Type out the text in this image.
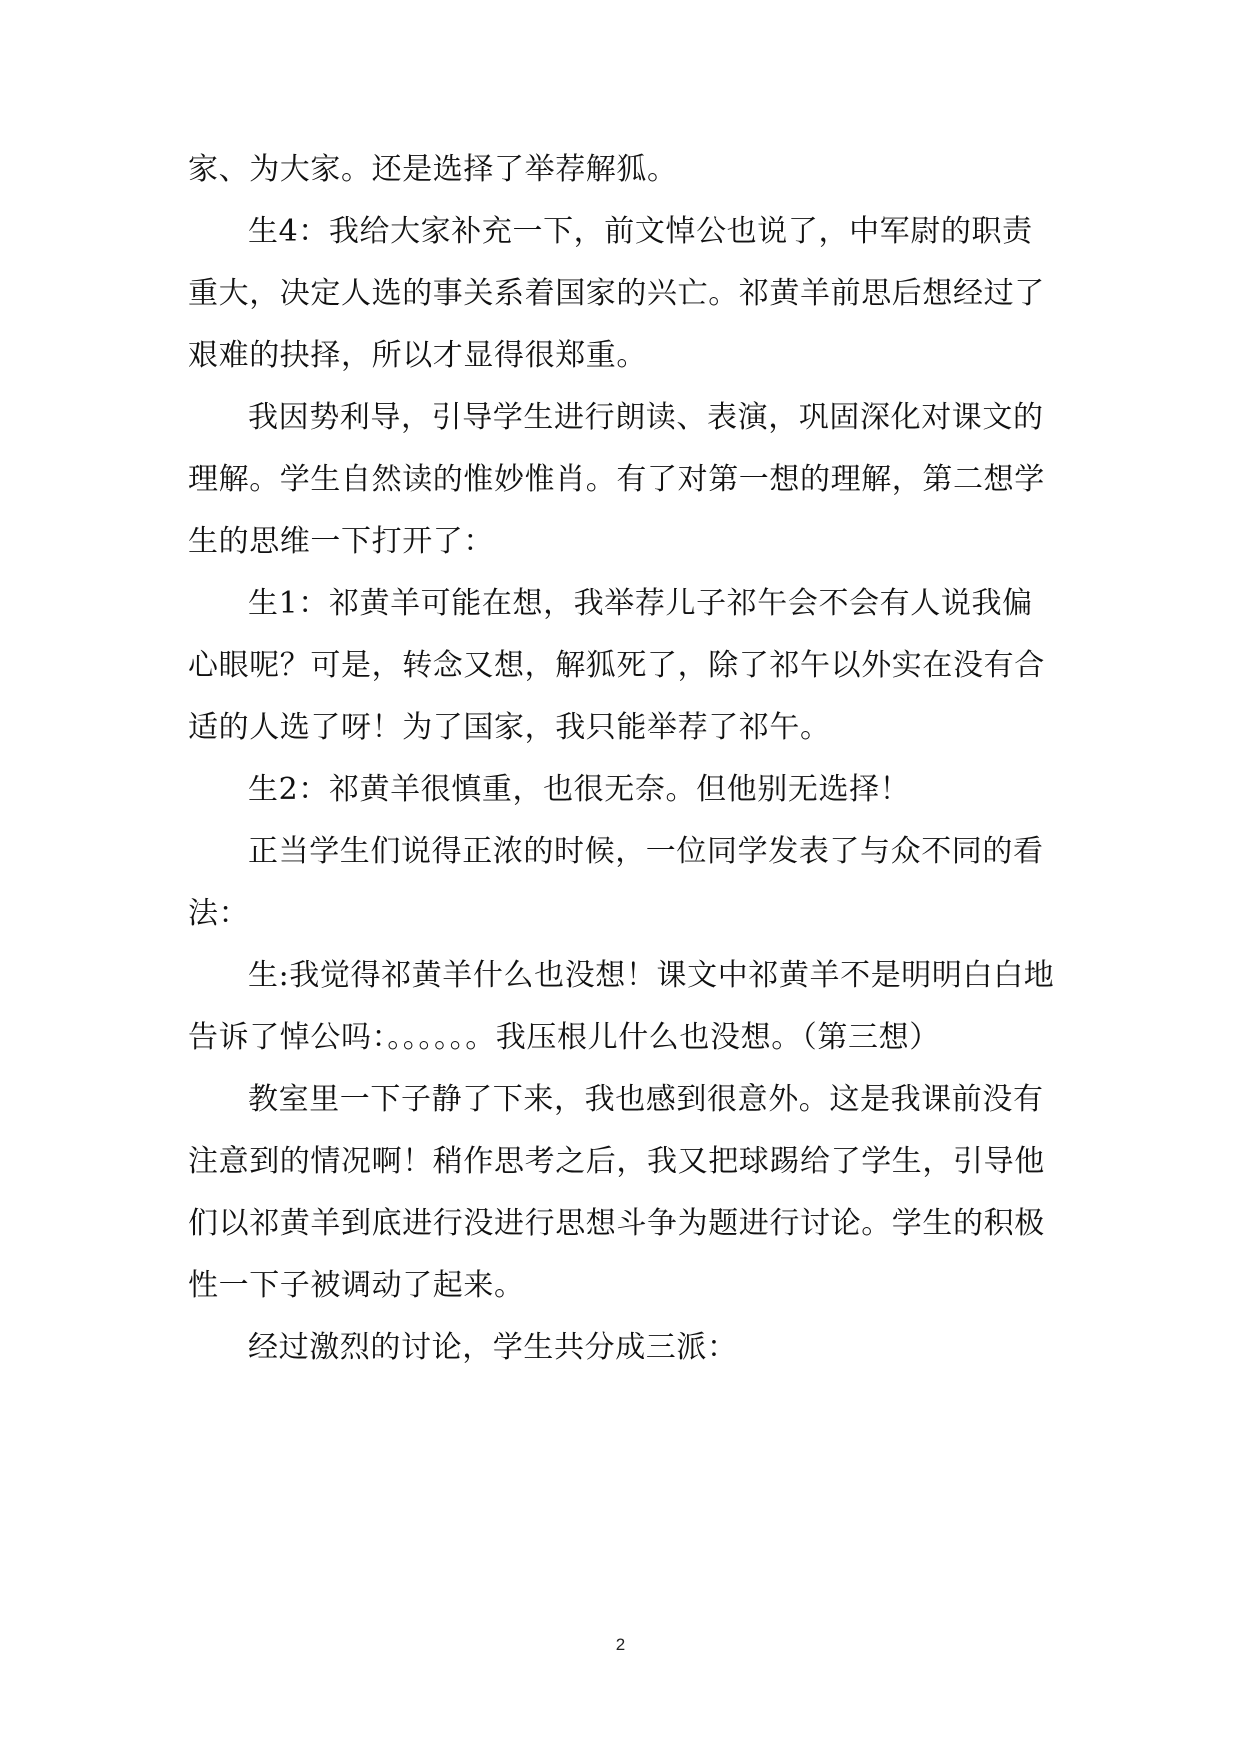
家、为大家。还是选择了举荐解狐。

生4：我给大家补充一下，前文悼公也说了，中军尉的职责重大，决定人选的事关系着国家的兴亡。祁黄羊前思后想经过了艰难的抉择，所以才显得很郑重。

我因势利导，引导学生进行朗读、表演，巩固深化对课文的理解。学生自然读的惟妙惟肖。有了对第一想的理解，第二想学生的思维一下打开了：

生1：祁黄羊可能在想，我举荐儿子祁午会不会有人说我偏心眼呢？可是，转念又想，解狐死了，除了祁午以外实在没有合适的人选了呀！为了国家，我只能举荐了祁午。

生2：祁黄羊很慎重，也很无奈。但他别无选择！

正当学生们说得正浓的时候，一位同学发表了与众不同的看法：

生:我觉得祁黄羊什么也没想！课文中祁黄羊不是明明白白地告诉了悼公吗：。。。。。。我压根儿什么也没想。（第三想）

教室里一下子静了下来，我也感到很意外。这是我课前没有注意到的情况啊！稍作思考之后，我又把球踢给了学生，引导他们以祁黄羊到底进行没进行思想斗争为题进行讨论。学生的积极性一下子被调动了起来。

经过激烈的讨论，学生共分成三派：

2
